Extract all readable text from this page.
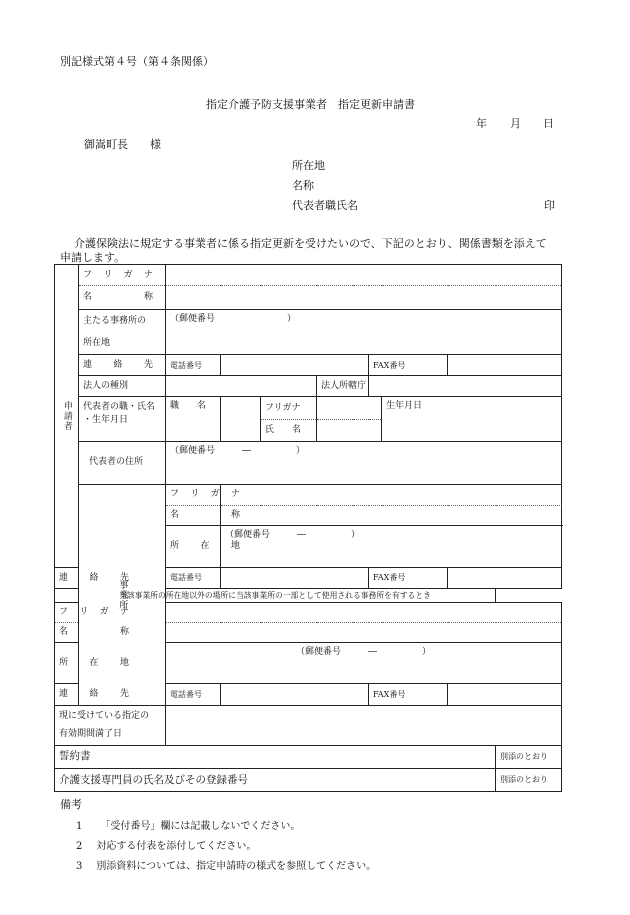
別記様式第４号（第４条関係）
指定介護予防支援事業者　指定更新申請書
年 月 日
御嵩町長　　様
所在地
名称
代表者職氏名	印
介護保険法に規定する事業者に係る指定更新を受けたいので、下記のとおり、関係書類を添えて
申請します。
申請者	フ リ ガ ナ								

	名 称								

	主たる事務所の
所在地	（郵便番号　　　　　　　　）							

	連 絡 先	電話番号				FAX番号			
	法人の種別				法人所轄庁				

	代表者の職・氏名
・生年月日	職　　名		フリガナ			生年月日		
				氏　　名					
	代表者の住所	（郵便番号　　　―　　　　　）							
	事業所	フ リ ガ ナ							

		名 称							

		所 在 地	（郵便番号　　　―　　　　　）						

連 絡 先		電話番号				FAX番号			
当該事業所の所在地以外の場所に当該事業所の一部として使用される事務所を有するとき									

フ リ ガ ナ									

名 称									

所 在 地		（郵便番号　　　―　　　　　）							

連 絡 先		電話番号				FAX番号			

現に受けている指定の
有効期間満了日									

誓約書									別添のとおり
介護支援専門員の氏名及びその登録番号									別添のとおり
備考
1 「受付番号」欄には記載しないでください。
2 対応する付表を添付してください。
3 別添資料については、指定申請時の様式を参照してください。
